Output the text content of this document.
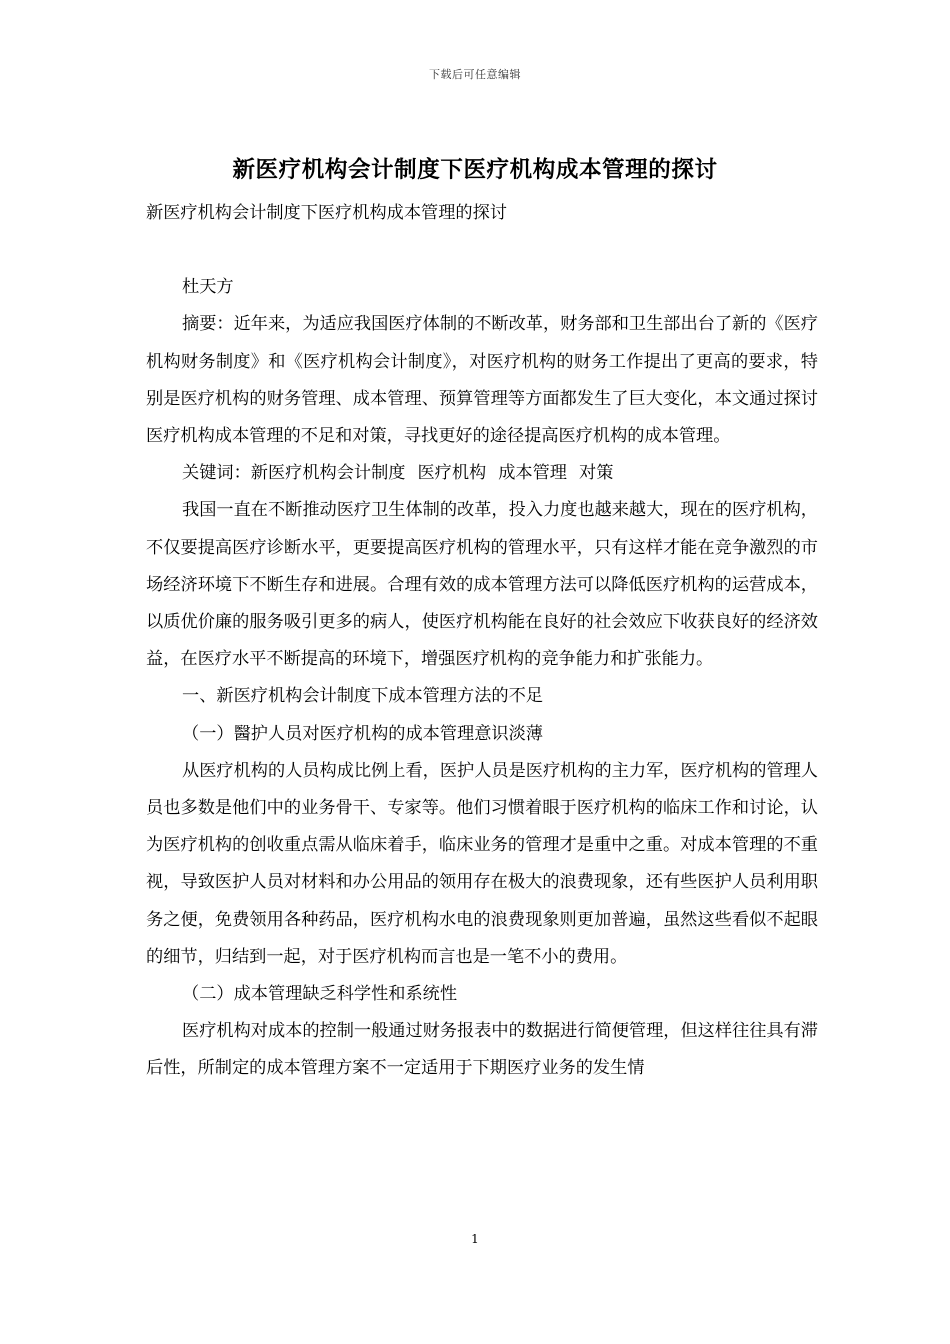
下载后可任意编辑
新医疗机构会计制度下医疗机构成本管理的探讨

新医疗机构会计制度下医疗机构成本管理的探讨

杜天方

摘要：近年来，为适应我国医疗体制的不断改革，财务部和卫生部出台了新的《医疗机构财务制度》和《医疗机构会计制度》，对医疗机构的财务工作提出了更高的要求，特别是医疗机构的财务管理、成本管理、预算管理等方面都发生了巨大变化，本文通过探讨医疗机构成本管理的不足和对策，寻找更好的途径提高医疗机构的成本管理。

关键词：新医疗机构会计制度 医疗机构 成本管理 对策

我国一直在不断推动医疗卫生体制的改革，投入力度也越来越大，现在的医疗机构，不仅要提高医疗诊断水平，更要提高医疗机构的管理水平，只有这样才能在竞争激烈的市场经济环境下不断生存和进展。合理有效的成本管理方法可以降低医疗机构的运营成本，以质优价廉的服务吸引更多的病人，使医疗机构能在良好的社会效应下收获良好的经济效益，在医疗水平不断提高的环境下，增强医疗机构的竞争能力和扩张能力。

一、新医疗机构会计制度下成本管理方法的不足

（一）醫护人员对医疗机构的成本管理意识淡薄

从医疗机构的人员构成比例上看，医护人员是医疗机构的主力军，医疗机构的管理人员也多数是他们中的业务骨干、专家等。他们习惯着眼于医疗机构的临床工作和讨论，认为医疗机构的创收重点需从临床着手，临床业务的管理才是重中之重。对成本管理的不重视，导致医护人员对材料和办公用品的领用存在极大的浪费现象，还有些医护人员利用职务之便，免费领用各种药品，医疗机构水电的浪费现象则更加普遍，虽然这些看似不起眼的细节，归结到一起，对于医疗机构而言也是一笔不小的费用。

（二）成本管理缺乏科学性和系统性

医疗机构对成本的控制一般通过财务报表中的数据进行简便管理，但这样往往具有滞后性，所制定的成本管理方案不一定适用于下期医疗业务的发生情

1
